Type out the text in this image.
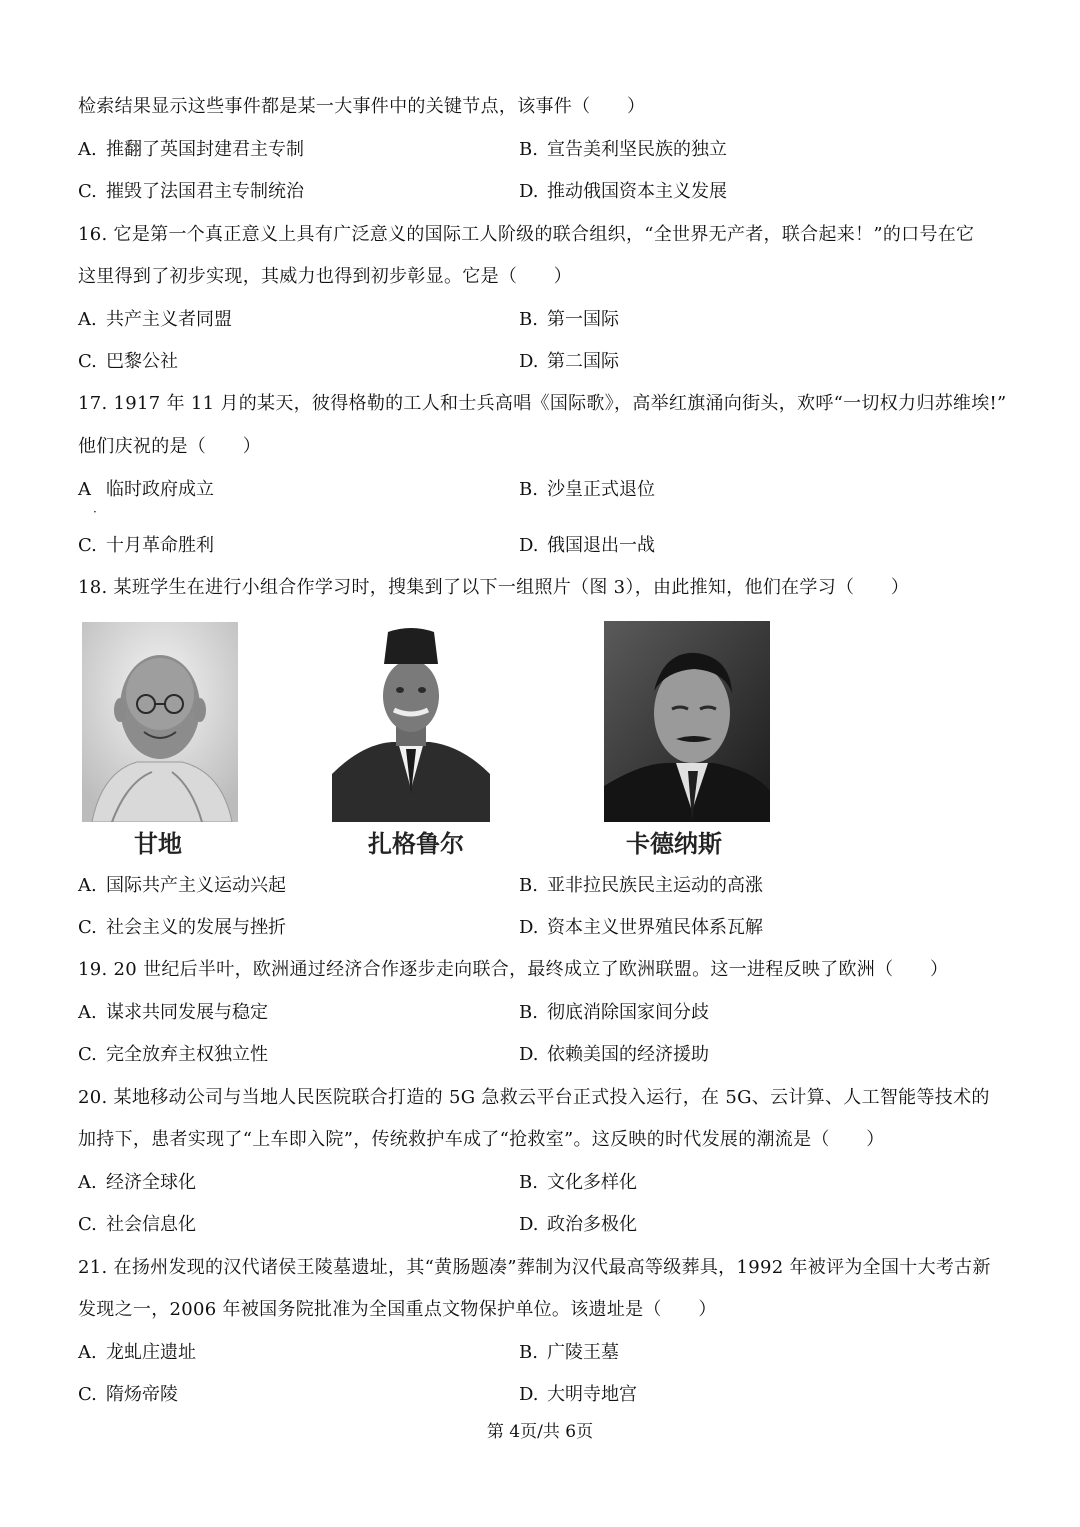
检索结果显示这些事件都是某一大事件中的关键节点，该事件（　　）
A. 推翻了英国封建君主专制	B. 宣告美利坚民族的独立
C. 摧毁了法国君主专制统治	D. 推动俄国资本主义发展
16. 它是第一个真正意义上具有广泛意义的国际工人阶级的联合组织，“全世界无产者，联合起来！”的口号在它
这里得到了初步实现，其威力也得到初步彰显。它是（　　）
A. 共产主义者同盟	B. 第一国际
C. 巴黎公社	D. 第二国际
17. 1917 年 11 月的某天，彼得格勒的工人和士兵高唱《国际歌》，高举红旗涌向街头，欢呼“一切权力归苏维埃!”
他们庆祝的是（　　）
A 临时政府成立	B. 沙皇正式退位
·
C. 十月革命胜利	D. 俄国退出一战
18. 某班学生在进行小组合作学习时，搜集到了以下一组照片（图 3），由此推知，他们在学习（　　）
甘地	扎格鲁尔	卡德纳斯
A. 国际共产主义运动兴起	B. 亚非拉民族民主运动的高涨
C. 社会主义的发展与挫折	D. 资本主义世界殖民体系瓦解
19. 20 世纪后半叶，欧洲通过经济合作逐步走向联合，最终成立了欧洲联盟。这一进程反映了欧洲（　　）
A. 谋求共同发展与稳定	B. 彻底消除国家间分歧
C. 完全放弃主权独立性	D. 依赖美国的经济援助
20. 某地移动公司与当地人民医院联合打造的 5G 急救云平台正式投入运行，在 5G、云计算、人工智能等技术的
加持下，患者实现了“上车即入院”，传统救护车成了“抢救室”。这反映的时代发展的潮流是（　　）
A. 经济全球化	B. 文化多样化
C. 社会信息化	D. 政治多极化
21. 在扬州发现的汉代诸侯王陵墓遗址，其“黄肠题凑”葬制为汉代最高等级葬具，1992 年被评为全国十大考古新
发现之一，2006 年被国务院批准为全国重点文物保护单位。该遗址是（　　）
A. 龙虬庄遗址	B. 广陵王墓
C. 隋炀帝陵	D. 大明寺地宫
第 4页/共 6页
